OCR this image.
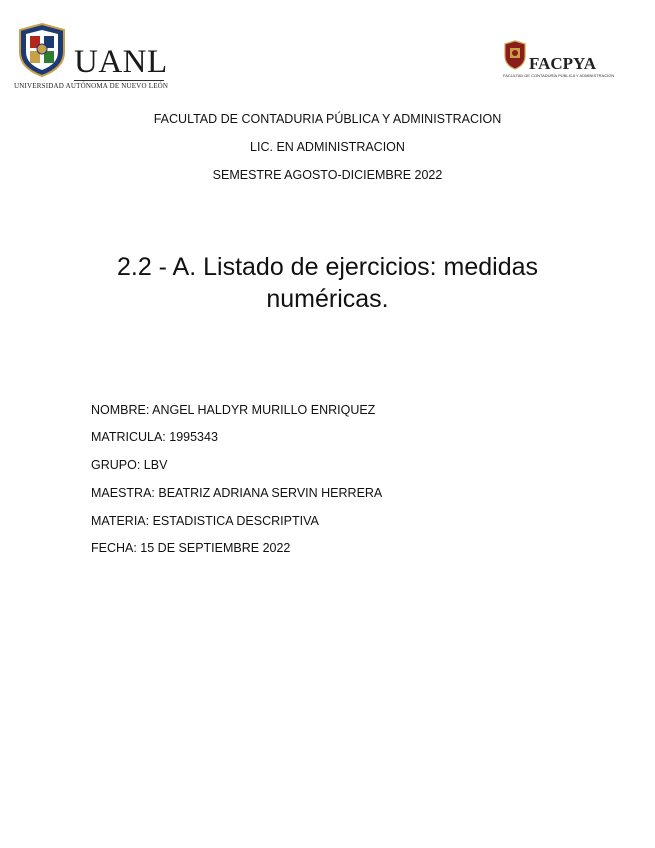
UANL
UNIVERSIDAD AUTÓNOMA DE NUEVO LEÓN
FACPYA
FACULTAD DE CONTADURÍA PÚBLICA Y ADMINISTRACIÓN
FACULTAD DE CONTADURIA PÚBLICA Y ADMINISTRACION
LIC. EN ADMINISTRACION
SEMESTRE AGOSTO-DICIEMBRE 2022
2.2 - A. Listado de ejercicios: medidas
numéricas.
NOMBRE: ANGEL HALDYR MURILLO ENRIQUEZ
MATRICULA: 1995343
GRUPO: LBV
MAESTRA: BEATRIZ ADRIANA SERVIN HERRERA
MATERIA: ESTADISTICA DESCRIPTIVA
FECHA: 15 DE SEPTIEMBRE 2022
